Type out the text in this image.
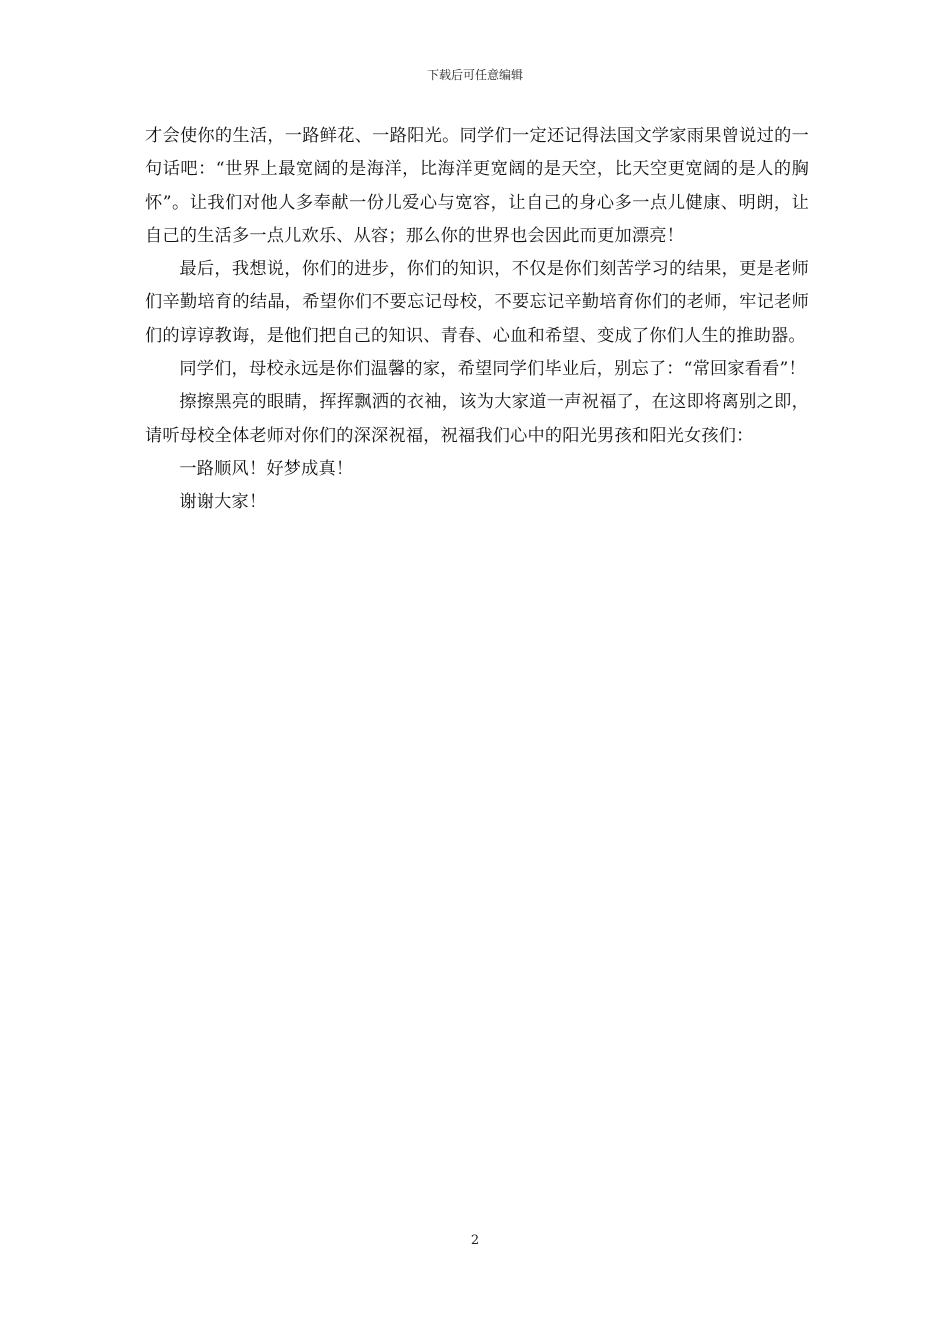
下载后可任意编辑

才会使你的生活，一路鲜花、一路阳光。同学们一定还记得法国文学家雨果曾说过的一句话吧：“世界上最宽阔的是海洋，比海洋更宽阔的是天空，比天空更宽阔的是人的胸怀”。让我们对他人多奉献一份儿爱心与宽容，让自己的身心多一点儿健康、明朗，让自己的生活多一点儿欢乐、从容；那么你的世界也会因此而更加漂亮！

最后，我想说，你们的进步，你们的知识，不仅是你们刻苦学习的结果，更是老师们辛勤培育的结晶，希望你们不要忘记母校，不要忘记辛勤培育你们的老师，牢记老师们的谆谆教诲，是他们把自己的知识、青春、心血和希望、变成了你们人生的推助器。

同学们，母校永远是你们温馨的家，希望同学们毕业后，别忘了：“常回家看看”！

擦擦黑亮的眼睛，挥挥飘洒的衣袖，该为大家道一声祝福了，在这即将离别之即，请听母校全体老师对你们的深深祝福，祝福我们心中的阳光男孩和阳光女孩们：

一路顺风！好梦成真！

谢谢大家！

2
